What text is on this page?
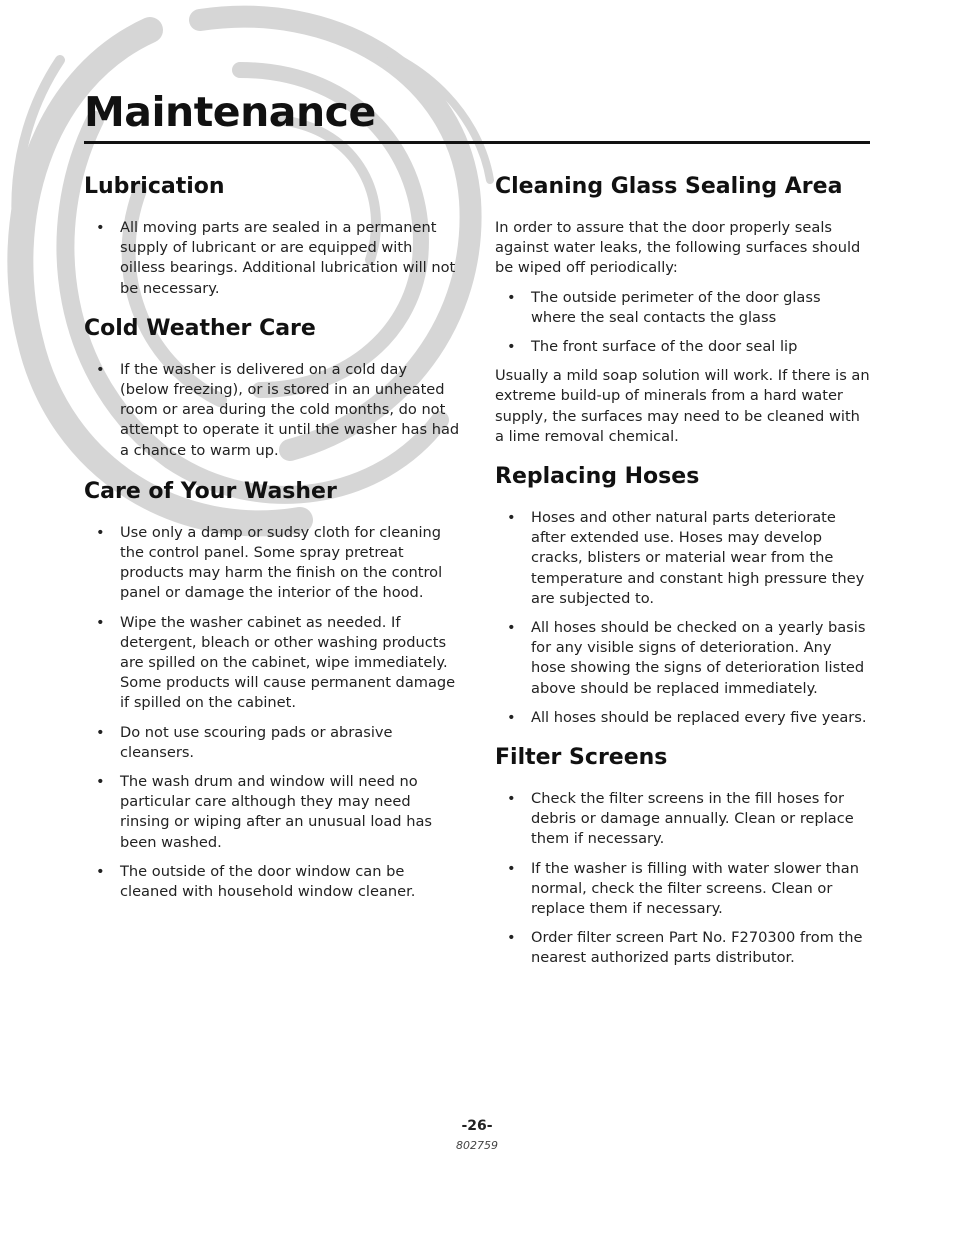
Maintenance
Lubrication
• All moving parts are sealed in a permanent supply of lubricant or are equipped with oilless bearings. Additional lubrication will not be necessary.
Cold Weather Care
• If the washer is delivered on a cold day (below freezing), or is stored in an unheated room or area during the cold months, do not attempt to operate it until the washer has had a chance to warm up.
Care of Your Washer
• Use only a damp or sudsy cloth for cleaning the control panel. Some spray pretreat products may harm the finish on the control panel or damage the interior of the hood.
• Wipe the washer cabinet as needed. If detergent, bleach or other washing products are spilled on the cabinet, wipe immediately. Some products will cause permanent damage if spilled on the cabinet.
• Do not use scouring pads or abrasive cleansers.
• The wash drum and window will need no particular care although they may need rinsing or wiping after an unusual load has been washed.
• The outside of the door window can be cleaned with household window cleaner.
Cleaning Glass Sealing Area

In order to assure that the door properly seals against water leaks, the following surfaces should be wiped off periodically:

• The outside perimeter of the door glass where the seal contacts the glass
• The front surface of the door seal lip

Usually a mild soap solution will work. If there is an extreme build-up of minerals from a hard water supply, the surfaces may need to be cleaned with a lime removal chemical.

Replacing Hoses
• Hoses and other natural parts deteriorate after extended use. Hoses may develop cracks, blisters or material wear from the temperature and constant high pressure they are subjected to.
• All hoses should be checked on a yearly basis for any visible signs of deterioration. Any hose showing the signs of deterioration listed above should be replaced immediately.
• All hoses should be replaced every five years.
Filter Screens
• Check the filter screens in the fill hoses for debris or damage annually. Clean or replace them if necessary.
• If the washer is filling with water slower than normal, check the filter screens. Clean or replace them if necessary.
• Order filter screen Part No. F270300 from the nearest authorized parts distributor.
-26-
802759
